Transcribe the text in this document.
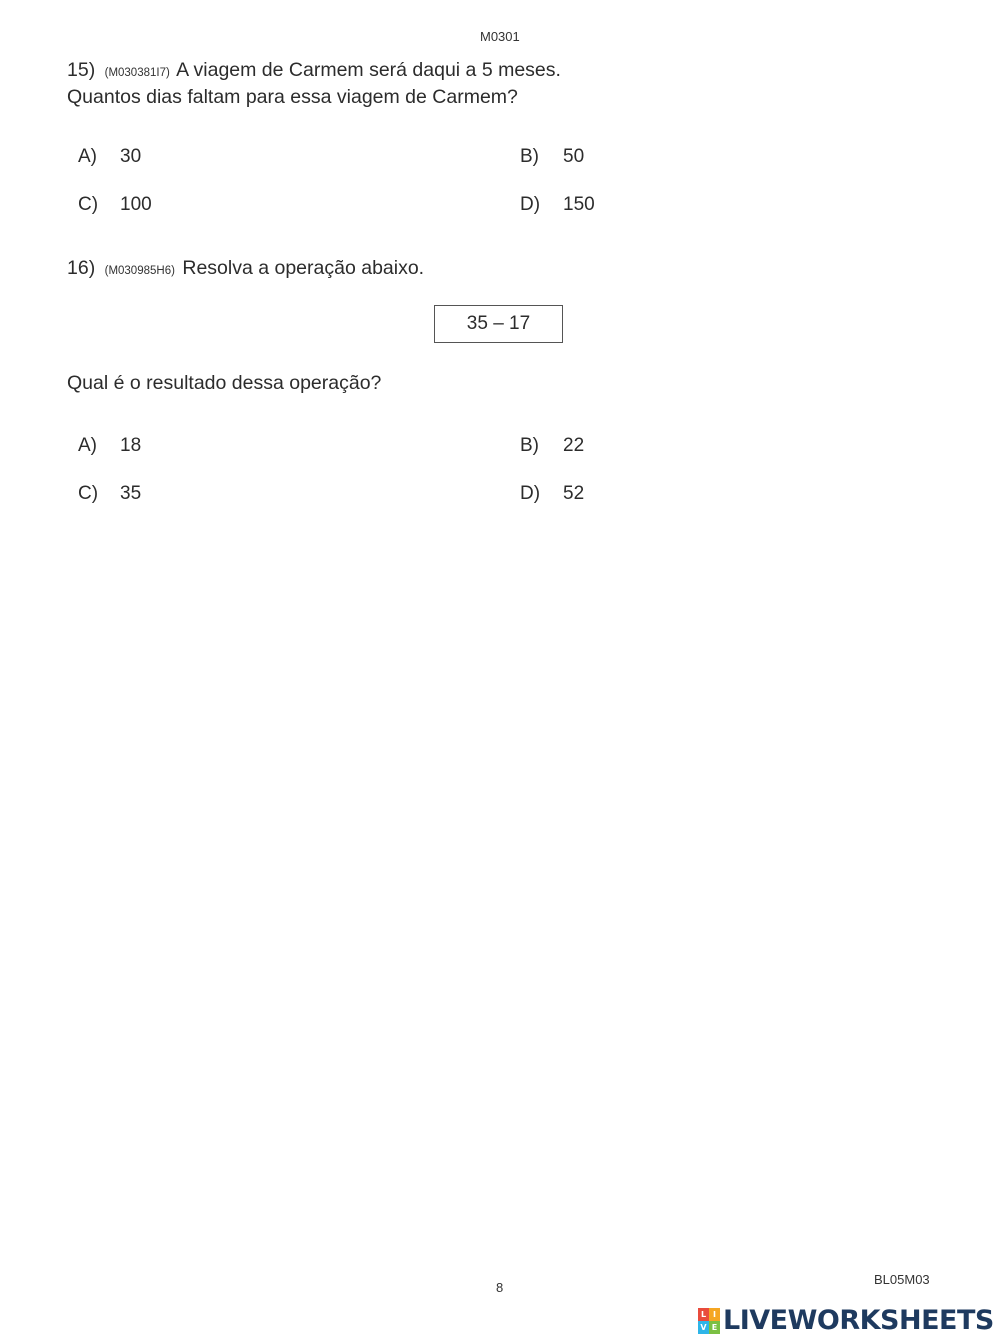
M0301
15) (M030381I7) A viagem de Carmem será daqui a 5 meses.
Quantos dias faltam para essa viagem de Carmem?
A) 30	B) 50
C) 100	D) 150
16) (M030985H6) Resolva a operação abaixo.
35 – 17
Qual é o resultado dessa operação?
A) 18	B) 22
C) 35	D) 52
BL05M03
8
L I
V E LIVEWORKSHEETS
